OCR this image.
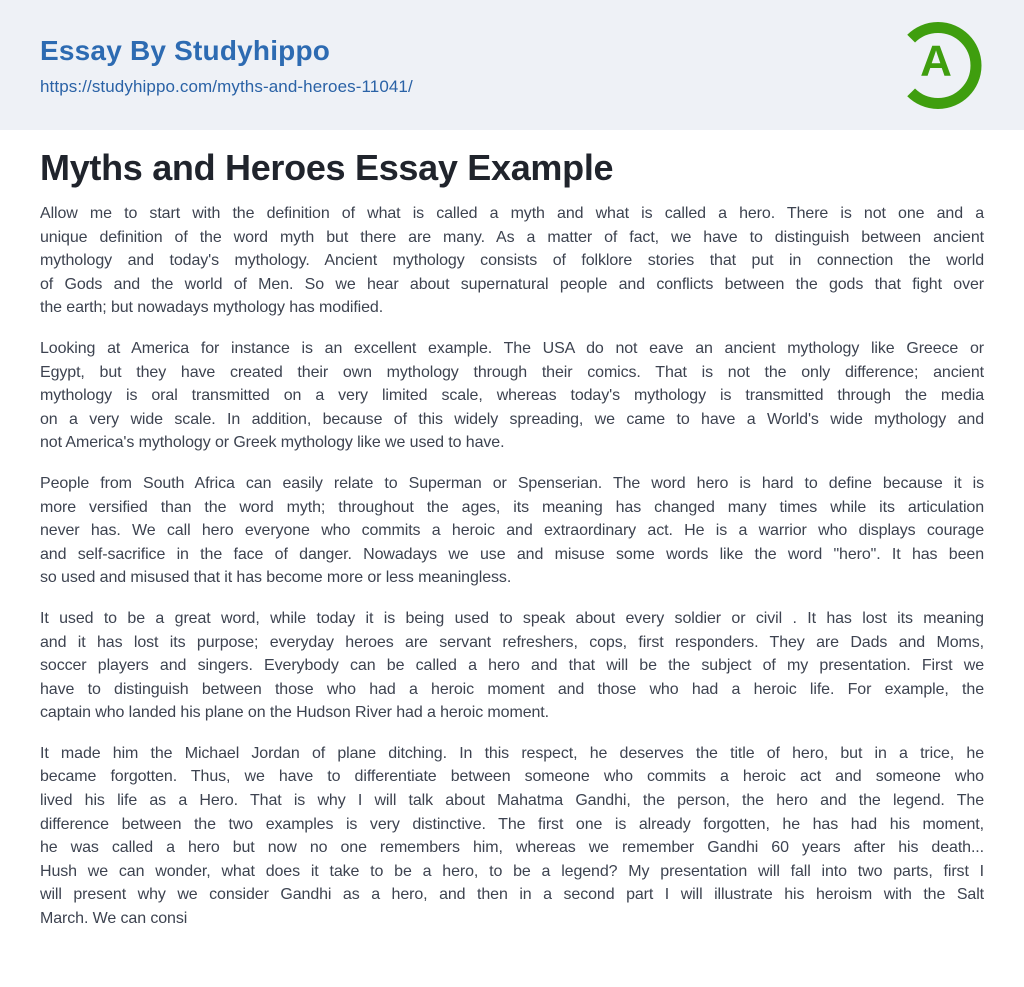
Essay By Studyhippo
https://studyhippo.com/myths-and-heroes-11041/
A
Myths and Heroes Essay Example
Allow me to start with the definition of what is called a myth and what is called a hero. There is not one and a
unique definition of the word myth but there are many. As a matter of fact, we have to distinguish between ancient
mythology and today's mythology. Ancient mythology consists of folklore stories that put in connection the world
of Gods and the world of Men. So we hear about supernatural people and conflicts between the gods that fight over
the earth; but nowadays mythology has modified.
Looking at America for instance is an excellent example. The USA do not eave an ancient mythology like Greece or
Egypt, but they have created their own mythology through their comics. That is not the only difference; ancient
mythology is oral transmitted on a very limited scale, whereas today's mythology is transmitted through the media
on a very wide scale. In addition, because of this widely spreading, we came to have a World's wide mythology and
not America's mythology or Greek mythology like we used to have.
People from South Africa can easily relate to Superman or Spenserian. The word hero is hard to define because it is
more versified than the word myth; throughout the ages, its meaning has changed many times while its articulation
never has. We call hero everyone who commits a heroic and extraordinary act. He is a warrior who displays courage
and self-sacrifice in the face of danger. Nowadays we use and misuse some words like the word "hero". It has been
so used and misused that it has become more or less meaningless.
It used to be a great word, while today it is being used to speak about every soldier or civil . It has lost its meaning
and it has lost its purpose; everyday heroes are servant refreshers, cops, first responders. They are Dads and Moms,
soccer players and singers. Everybody can be called a hero and that will be the subject of my presentation. First we
have to distinguish between those who had a heroic moment and those who had a heroic life. For example, the
captain who landed his plane on the Hudson River had a heroic moment.
It made him the Michael Jordan of plane ditching. In this respect, he deserves the title of hero, but in a trice, he
became forgotten. Thus, we have to differentiate between someone who commits a heroic act and someone who
lived his life as a Hero. That is why I will talk about Mahatma Gandhi, the person, the hero and the legend. The
difference between the two examples is very distinctive. The first one is already forgotten, he has had his moment,
he was called a hero but now no one remembers him, whereas we remember Gandhi 60 years after his death...
Hush we can wonder, what does it take to be a hero, to be a legend? My presentation will fall into two parts, first I
will present why we consider Gandhi as a hero, and then in a second part I will illustrate his heroism with the Salt
March. We can consi
